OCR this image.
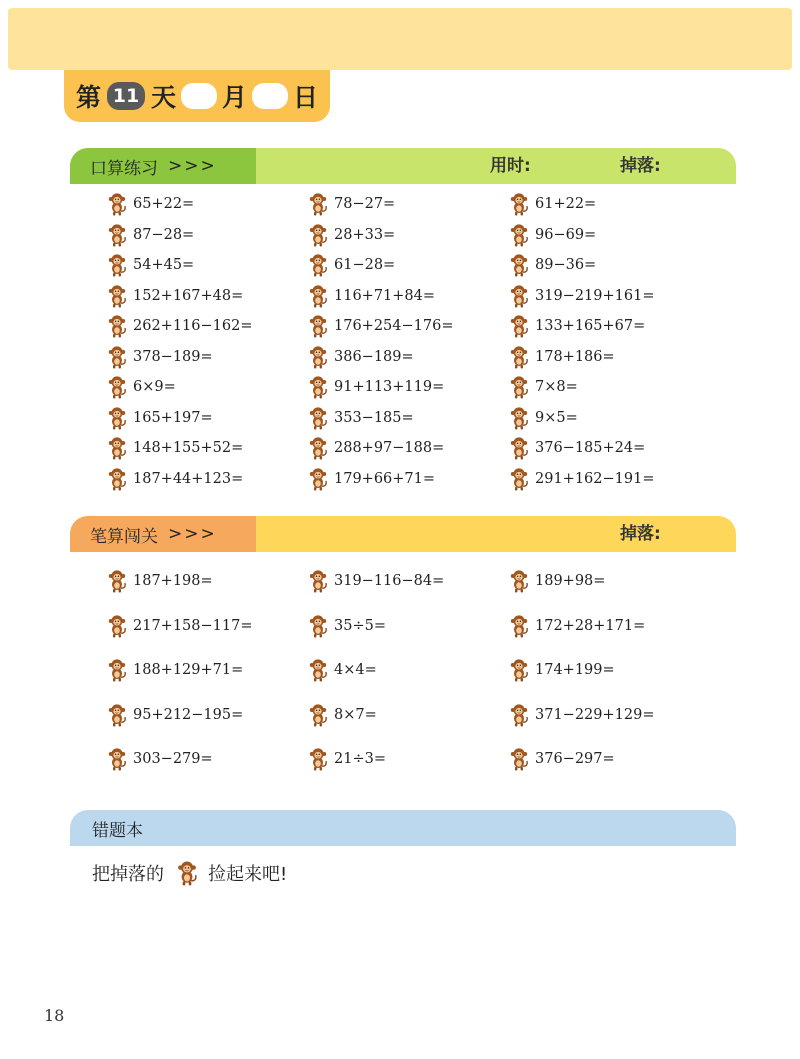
第 11 天 月 日
口算练习 >>>	用时:	掉落:
65+22=	78−27=	61+22=
87−28=	28+33=	96−69=
54+45=	61−28=	89−36=
152+167+48=	116+71+84=	319−219+161=
262+116−162=	176+254−176=	133+165+67=
378−189=	386−189=	178+186=
6×9=	91+113+119=	7×8=
165+197=	353−185=	9×5=
148+155+52=	288+97−188=	376−185+24=
187+44+123=	179+66+71=	291+162−191=
笔算闯关 >>>	掉落:
187+198=	319−116−84=	189+98=
217+158−117=	35÷5=	172+28+171=
188+129+71=	4×4=	174+199=
95+212−195=	8×7=	371−229+129=
303−279=	21÷3=	376−297=
错题本
把掉落的 捡起来吧!
18
